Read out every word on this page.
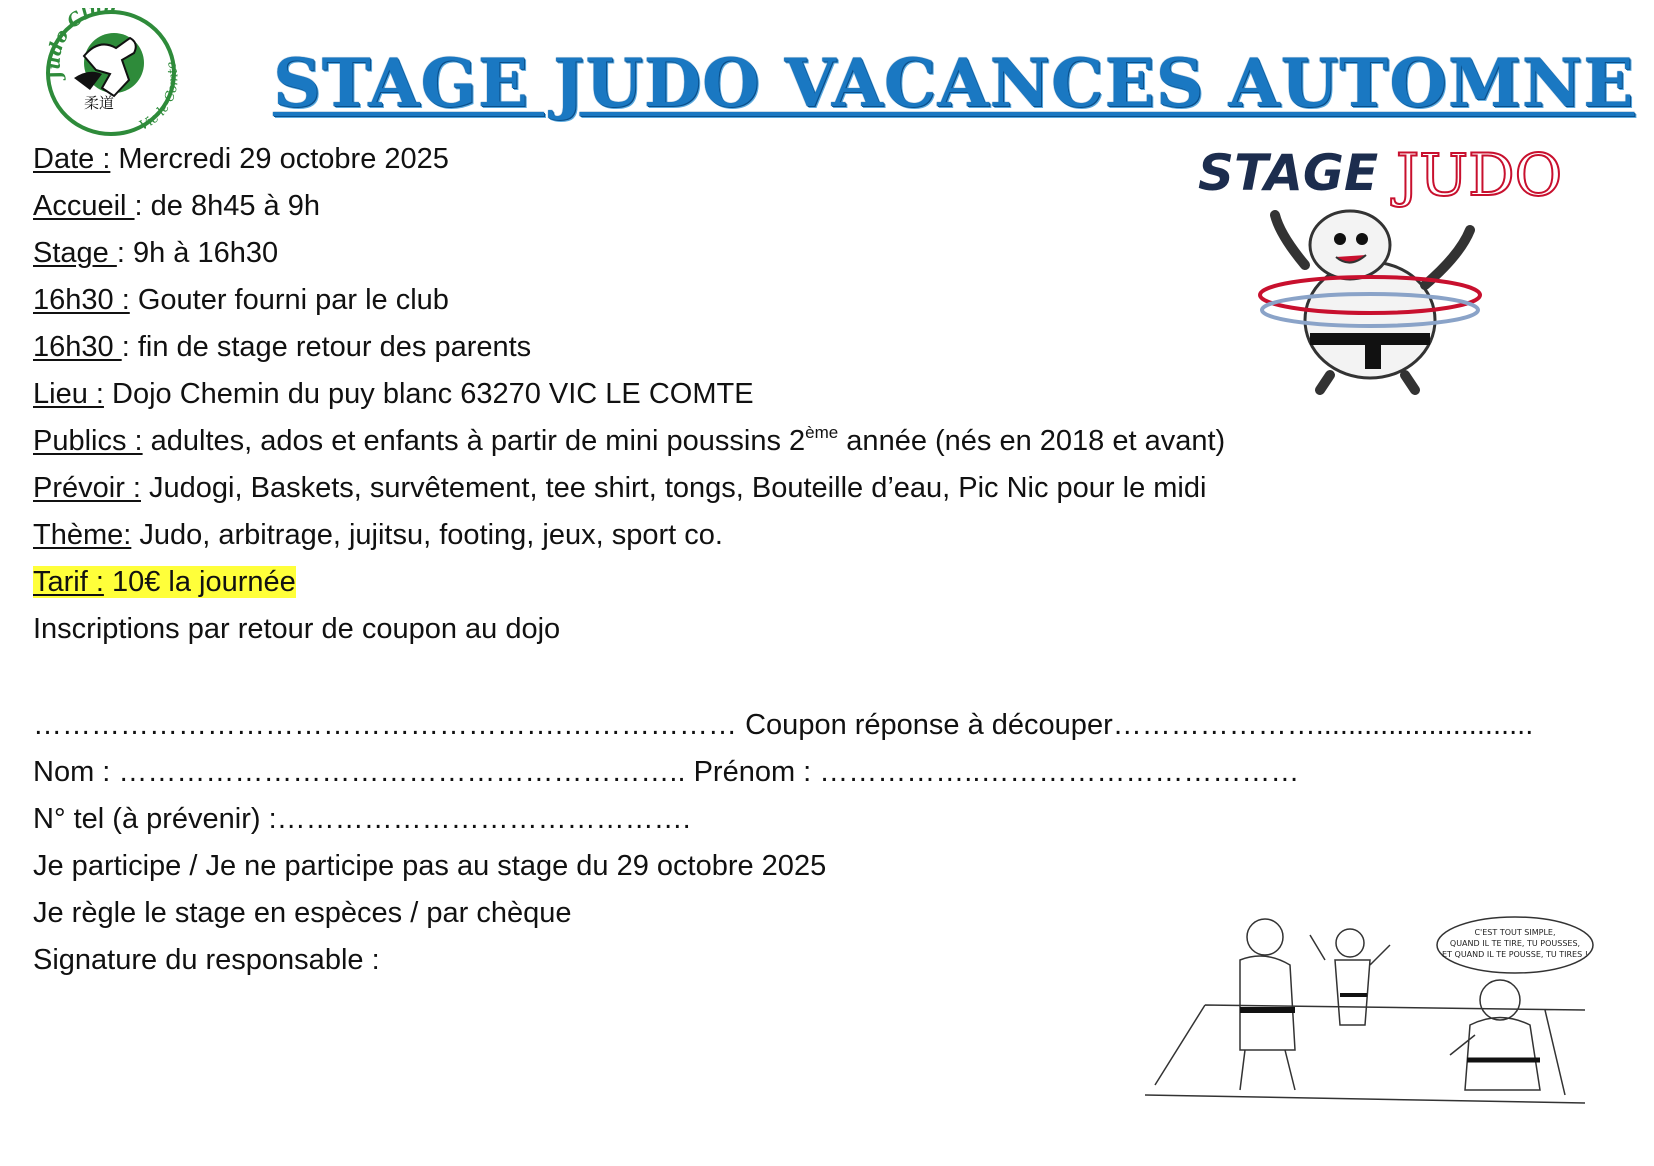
Judo Clu
Vic-le-Comte
柔道 STAGE JUDO VACANCES AUTOMNE
Date : Mercredi 29 octobre 2025
Accueil : de 8h45 à 9h
Stage : 9h à 16h30
16h30 : Gouter fourni par le club
16h30 : fin de stage retour des parents
Lieu : Dojo Chemin du puy blanc 63270 VIC LE COMTE
Publics : adultes, ados et enfants à partir de mini poussins 2ème année (nés en 2018 et avant)
Prévoir : Judogi, Baskets, survêtement, tee shirt, tongs, Bouteille d’eau, Pic Nic pour le midi
Thème: Judo, arbitrage, jujitsu, footing, jeux, sport co.
Tarif : 10€ la journée
Inscriptions par retour de coupon au dojo
……………………………………………….……………… Coupon réponse à découper…………………...........................
Nom : ………………………………………………….. Prénom : ……………..……………………………
N° tel (à prévenir) :…………………………………….
Je participe / Je ne participe pas au stage du 29 octobre 2025
Je règle le stage en espèces / par chèque
Signature du responsable :
STAGE JUDO
C'EST TOUT SIMPLE,
QUAND IL TE TIRE, TU POUSSES,
ET QUAND IL TE POUSSE, TU TIRES !
